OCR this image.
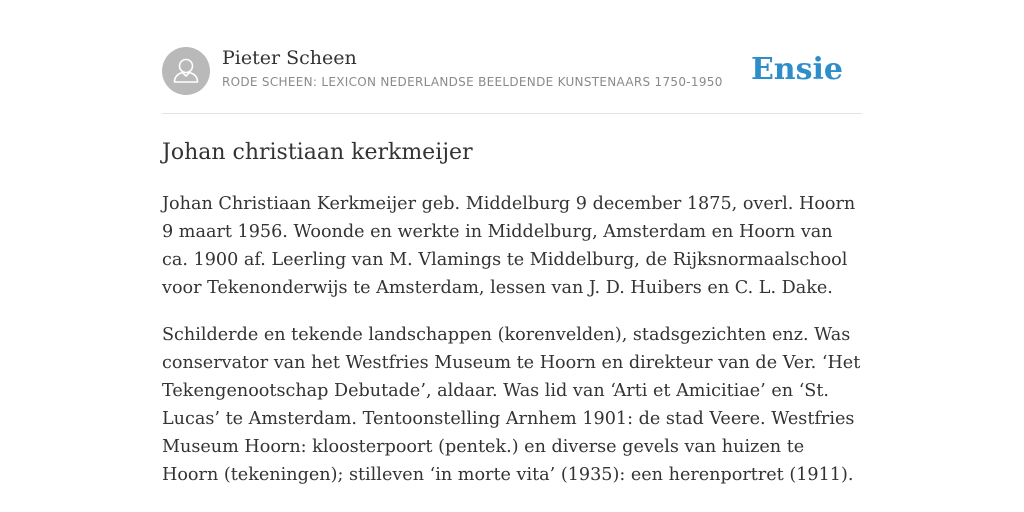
Pieter Scheen
RODE SCHEEN: LEXICON NEDERLANDSE BEELDENDE KUNSTENAARS 1750-1950 Ensie
Johan christiaan kerkmeijer

Johan Christiaan Kerkmeijer geb. Middelburg 9 december 1875, overl. Hoorn 9 maart 1956. Woonde en werkte in Middelburg, Amsterdam en Hoorn van ca. 1900 af. Leerling van M. Vlamings te Middelburg, de Rijksnormaalschool voor Tekenonderwijs te Amsterdam, lessen van J. D. Huibers en C. L. Dake.

Schilderde en tekende landschappen (korenvelden), stadsgezichten enz. Was conservator van het Westfries Museum te Hoorn en direkteur van de Ver. ‘Het Tekengenootschap Debutade’, aldaar. Was lid van ‘Arti et Amicitiae’ en ‘St. Lucas’ te Amsterdam. Tentoonstelling Arnhem 1901: de stad Veere. Westfries Museum Hoorn: kloosterpoort (pentek.) en diverse gevels van huizen te Hoorn (tekeningen); stilleven ‘in morte vita’ (1935): een herenportret (1911).
